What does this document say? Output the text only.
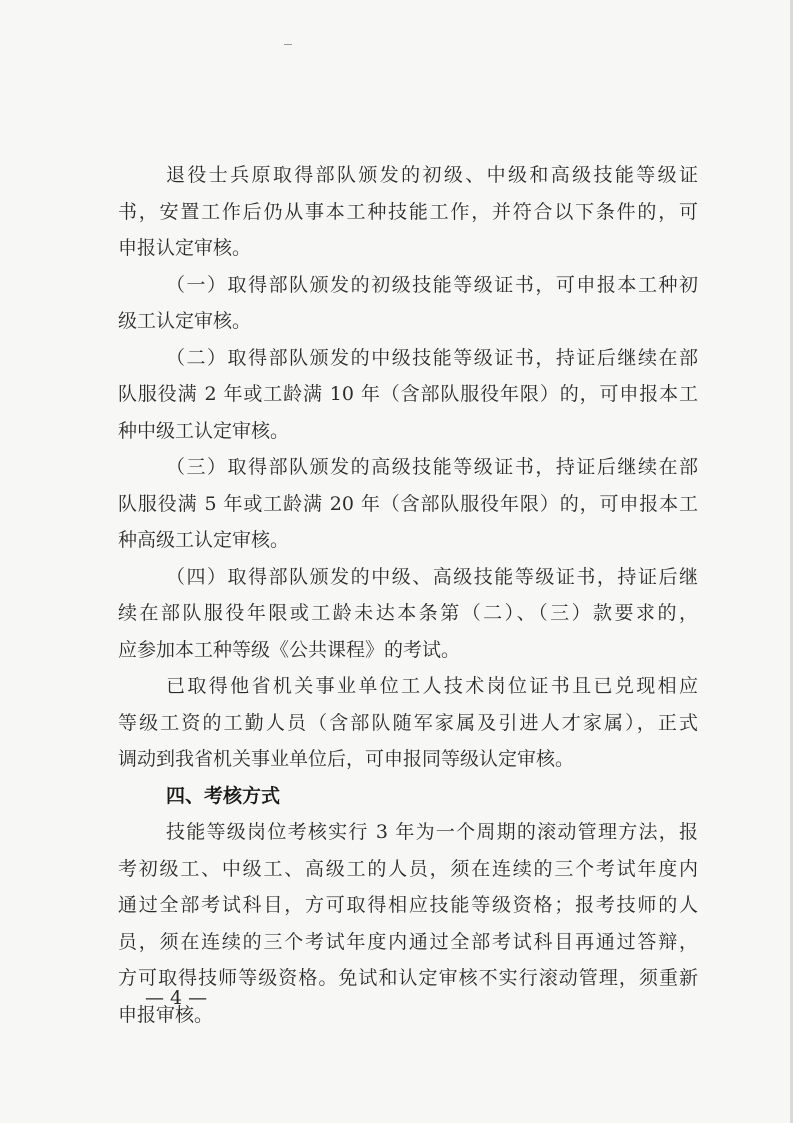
退役士兵原取得部队颁发的初级、中级和高级技能等级证
书，安置工作后仍从事本工种技能工作，并符合以下条件的，可
申报认定审核。
（一）取得部队颁发的初级技能等级证书，可申报本工种初
级工认定审核。
（二）取得部队颁发的中级技能等级证书，持证后继续在部
队服役满 2 年或工龄满 10 年（含部队服役年限）的，可申报本工
种中级工认定审核。
（三）取得部队颁发的高级技能等级证书，持证后继续在部
队服役满 5 年或工龄满 20 年（含部队服役年限）的，可申报本工
种高级工认定审核。
（四）取得部队颁发的中级、高级技能等级证书，持证后继
续在部队服役年限或工龄未达本条第（二）、（三）款要求的，
应参加本工种等级《公共课程》的考试。
已取得他省机关事业单位工人技术岗位证书且已兑现相应
等级工资的工勤人员（含部队随军家属及引进人才家属），正式
调动到我省机关事业单位后，可申报同等级认定审核。
四、考核方式
技能等级岗位考核实行 3 年为一个周期的滚动管理方法，报
考初级工、中级工、高级工的人员，须在连续的三个考试年度内
通过全部考试科目，方可取得相应技能等级资格；报考技师的人
员，须在连续的三个考试年度内通过全部考试科目再通过答辩，
方可取得技师等级资格。免试和认定审核不实行滚动管理，须重新
申报审核。
— 4 —
